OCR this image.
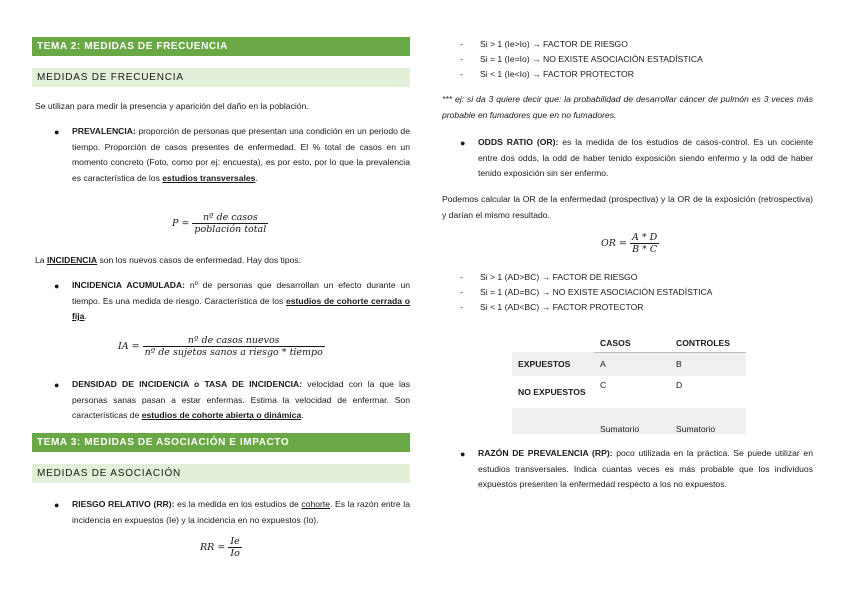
TEMA 2: MEDIDAS DE FRECUENCIA
MEDIDAS DE FRECUENCIA
Se utilizan para medir la presencia y aparición del daño en la población.
● PREVALENCIA: proporción de personas que presentan una condición en un periodo de tiempo. Proporción de casos presentes de enfermedad. El % total de casos en un momento concreto (Foto, como por ej: encuesta), es por esto, por lo que la prevalencia es característica de los estudios transversales.
$P = \frac{\text{nº de casos}}{\text{población total}}$
La INCIDENCIA son los nuevos casos de enfermedad. Hay dos tipos:
● INCIDENCIA ACUMULADA: nº de personas que desarrollan un efecto durante un tiempo. Es una medida de riesgo. Característica de los estudios de cohorte cerrada o fija.
IA = $\frac{\text{nº de casos nuevos}}{\text{nº de sujetos sanos a riesgo * tiempo}}$
● DENSIDAD DE INCIDENCIA o TASA DE INCIDENCIA: velocidad con la que las personas sanas pasan a estar enfermas. Estima la velocidad de enfermar. Son características de estudios de cohorte abierta o dinámica.
TEMA 3: MEDIDAS DE ASOCIACIÓN E IMPACTO
MEDIDAS DE ASOCIACIÓN
● RIESGO RELATIVO (RR): es la medida en los estudios de cohorte. Es la razón entre la incidencia en expuestos (Ie) y la incidencia en no expuestos (Io).
RR = $\frac{Ie}{Io}$
- Si > 1 (Ie>Io) → FACTOR DE RIESGO
- Si = 1 (Ie=Io) → NO EXISTE ASOCIACIÓN ESTADÍSTICA
- Si < 1 (Ie<Io) → FACTOR PROTECTOR
*** ej: si da 3 quiere decir que: la probabilidad de desarrollar cáncer de pulmón es 3 veces más probable en fumadores que en no fumadores.
● ODDS RATIO (OR): es la medida de los estudios de casos-control. Es un cociente entre dos odds, la odd de haber tenido exposición siendo enfermo y la odd de haber tenido exposición sin ser enfermo.
Podemos calcular la OR de la enfermedad (prospectiva) y la OR de la exposición (retrospectiva) y darían el mismo resultado.
OR = $\frac{A * D}{B * C}$
- Si > 1 (AD>BC) → FACTOR DE RIESGO
- Si = 1 (AD=BC) → NO EXISTE ASOCIACIÓN ESTADÍSTICA
- Si < 1 (AD<BC) → FACTOR PROTECTOR
	CASOS	CONTROLES
EXPUESTOS	A	B
NO EXPUESTOS	C	D
	Sumatorio	Sumatorio
● RAZÓN DE PREVALENCIA (RP): poco utilizada en la práctica. Se puede utilizar en estudios transversales. Indica cuantas veces es más probable que los individuos expuestos presenten la enfermedad respecto a los no expuestos.
